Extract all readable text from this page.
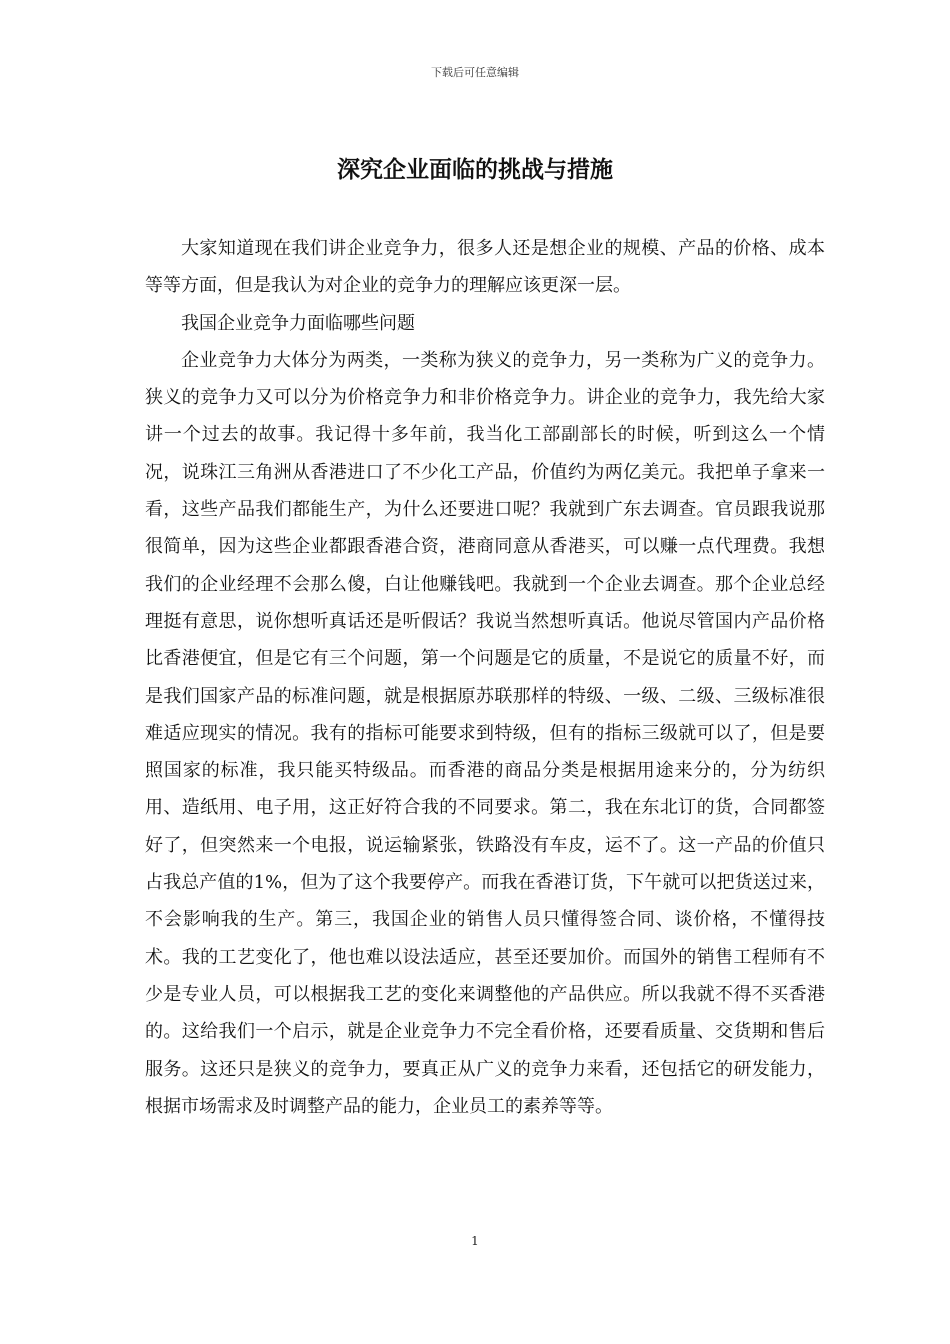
下载后可任意编辑
深究企业面临的挑战与措施

大家知道现在我们讲企业竞争力，很多人还是想企业的规模、产品的价格、成本等等方面，但是我认为对企业的竞争力的理解应该更深一层。

我国企业竞争力面临哪些问题

企业竞争力大体分为两类，一类称为狭义的竞争力，另一类称为广义的竞争力。狭义的竞争力又可以分为价格竞争力和非价格竞争力。讲企业的竞争力，我先给大家讲一个过去的故事。我记得十多年前，我当化工部副部长的时候，听到这么一个情况，说珠江三角洲从香港进口了不少化工产品，价值约为两亿美元。我把单子拿来一看，这些产品我们都能生产，为什么还要进口呢？我就到广东去调查。官员跟我说那很简单，因为这些企业都跟香港合资，港商同意从香港买，可以赚一点代理费。我想我们的企业经理不会那么傻，白让他赚钱吧。我就到一个企业去调查。那个企业总经理挺有意思，说你想听真话还是听假话？我说当然想听真话。他说尽管国内产品价格比香港便宜，但是它有三个问题，第一个问题是它的质量，不是说它的质量不好，而是我们国家产品的标准问题，就是根据原苏联那样的特级、一级、二级、三级标准很难适应现实的情况。我有的指标可能要求到特级，但有的指标三级就可以了，但是要照国家的标准，我只能买特级品。而香港的商品分类是根据用途来分的，分为纺织用、造纸用、电子用，这正好符合我的不同要求。第二，我在东北订的货，合同都签好了，但突然来一个电报，说运输紧张，铁路没有车皮，运不了。这一产品的价值只占我总产值的1%，但为了这个我要停产。而我在香港订货，下午就可以把货送过来，不会影响我的生产。第三，我国企业的销售人员只懂得签合同、谈价格，不懂得技术。我的工艺变化了，他也难以设法适应，甚至还要加价。而国外的销售工程师有不少是专业人员，可以根据我工艺的变化来调整他的产品供应。所以我就不得不买香港的。这给我们一个启示，就是企业竞争力不完全看价格，还要看质量、交货期和售后服务。这还只是狭义的竞争力，要真正从广义的竞争力来看，还包括它的研发能力，根据市场需求及时调整产品的能力，企业员工的素养等等。

1
